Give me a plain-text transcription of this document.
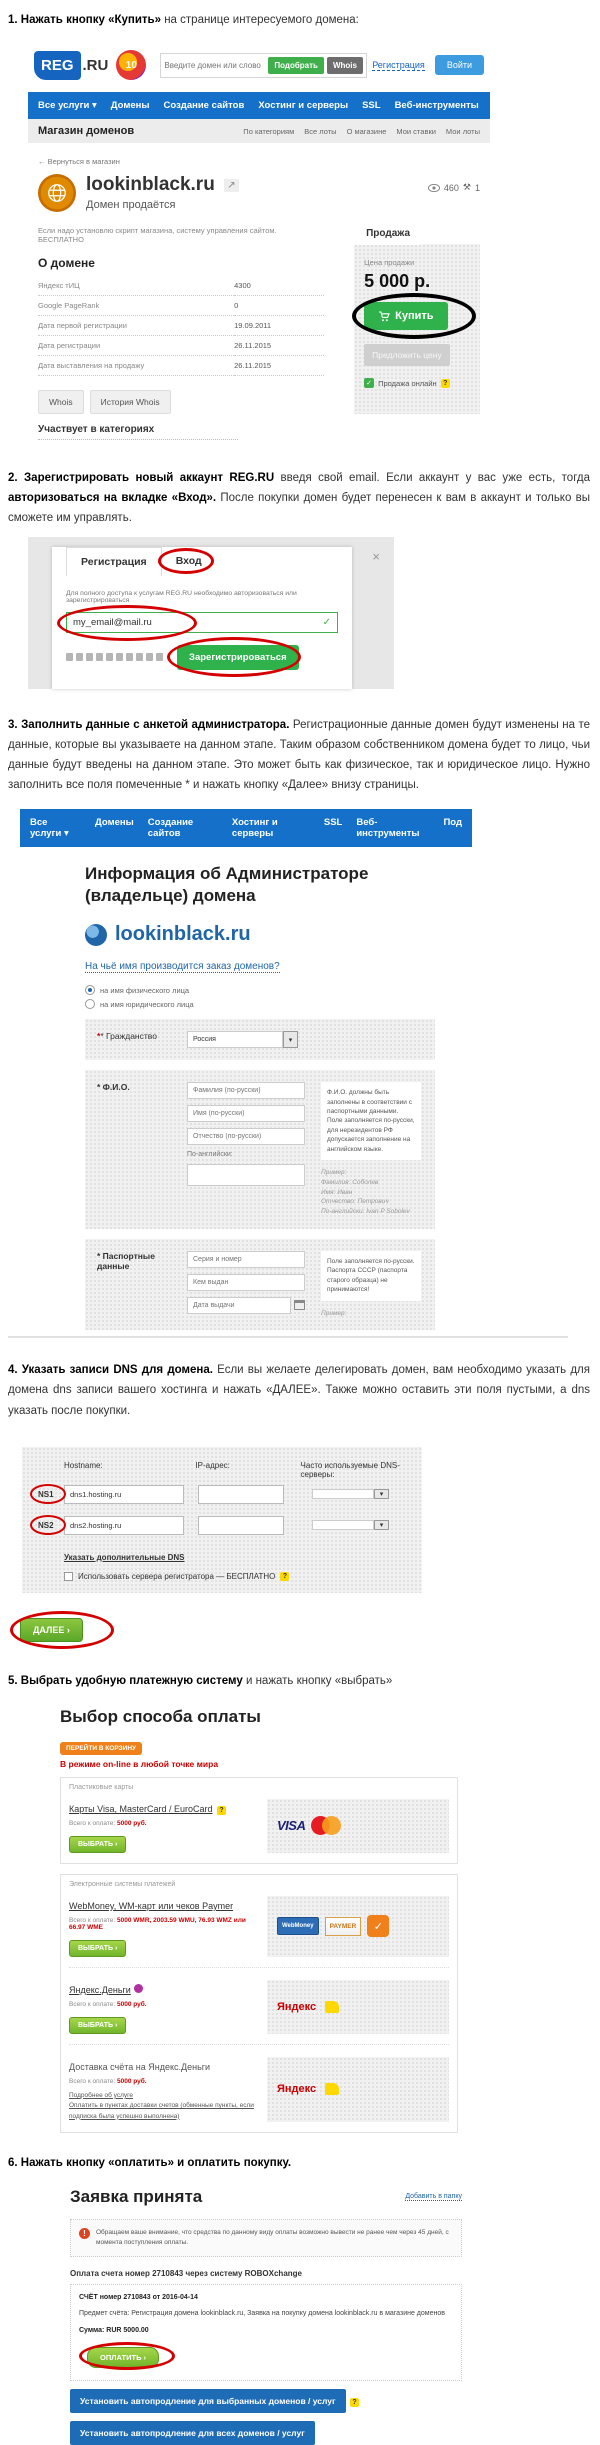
1. Нажать кнопку «Купить» на странице интересуемого домена:

REG .RU	10
Введите домен или слово	Подобрать	Whois	Регистрация	Войти
Все услуги ▾ Домены Создание сайтов Хостинг и серверы SSL Веб-инструменты Поддержка
Магазин доменов	По категориям Все лоты О магазине Мои ставки Мои лоты
← Вернуться в магазин
lookinblack.ru ↗
Домен продаётся
460 ⚒ 1
Если надо установлю скрипт магазина, систему управления сайтом. БЕСПЛАТНО
О домене
Яндекс тИЦ	4300
Google PageRank	0
Дата первой регистрации	19.09.2011
Дата регистрации	26.11.2015
Дата выставления на продажу	26.11.2015
Whois	История Whois
Участвует в категориях
Продажа
Цена продажи
5 000 р.
Купить
Предложить цену
✓ Продажа онлайн ?

2. Зарегистрировать новый аккаунт REG.RU введя свой email. Если аккаунт у вас уже есть, тогда авторизоваться на вкладке «Вход». После покупки домен будет перенесен к вам в аккаунт и только вы сможете им управлять.

×
Регистрация	Вход
Для полного доступа к услугам REG.RU необходимо авторизоваться или зарегистрироваться
my_email@mail.ru
✓
Зарегистрироваться

3. Заполнить данные с анкетой администратора. Регистрационные данные домен будут изменены на те данные, которые вы указываете на данном этапе. Таким образом собственником домена будет то лицо, чьи данные будут введены на данном этапе. Это может быть как физическое, так и юридическое лицо. Нужно заполнить все поля помеченные * и нажать кнопку «Далее» внизу страницы.

Все услуги ▾
Домены Создание сайтов
Хостинг и серверы
SSL Веб-инструменты
Под
Информация об Администраторе (владельце) домена
lookinblack.ru
На чьё имя производится заказ доменов?
на имя физического лица
на имя юридического лица
** Гражданство	Россия	▾
* Ф.И.О.
Фамилия (по-русски)
Имя (по-русски)
Отчество (по-русски)
По-английски:
Ф.И.О. должны быть заполнены в соответствии с паспортными данными. Поле заполняется по-русски, для нерезидентов РФ допускается заполнение на английском языке.
Пример:
Фамилия: Соболев
Имя: Иван
Отчество: Петрович
По-английски: Ivan P Sobolev
* Паспортные данные
Серия и номер
Кем выдан
Дата выдачи	Поле заполняется по-русски. Паспорта СССР (паспорта старого образца) не принимаются!
Пример:

4. Указать записи DNS для домена. Если вы желаете делегировать домен, вам необходимо указать для домена dns записи вашего хостинга и нажать «ДАЛЕЕ». Также можно оставить эти поля пустыми, а dns указать после покупки.

Hostname:	IP-адрес:	Часто используемые DNS-серверы:
NS1
dns1.hosting.ru	▾
NS2
dns2.hosting.ru	▾
Указать дополнительные DNS
Использовать сервера регистратора — БЕСПЛАТНО	?
ДАЛЕЕ ›

5. Выбрать удобную платежную систему и нажать кнопку «выбрать»

Выбор способа оплаты
ПЕРЕЙТИ В КОРЗИНУ
В режиме on-line в любой точке мира
Пластиковые карты
Карты Visa, MasterCard / EuroCard ?
Всего к оплате: 5000 руб.
ВЫБРАТЬ ›
VISA
Электронные системы платежей
WebMoney, WM-карт или чеков Paymer
Всего к оплате: 5000 WMR, 2003.59 WMU, 76.93 WMZ или 66.97 WME
ВЫБРАТЬ ›
WebMoney	PAYMER	✓
Яндекс.Деньги
Всего к оплате: 5000 руб.
ВЫБРАТЬ ›
Яндекс
Доставка счёта на Яндекс.Деньги
Всего к оплате: 5000 руб.
Подробнее об услуге
Оплатить в пунктах доставки счетов (обменные пункты, если подписка была успешно выполнена)
Яндекс

6. Нажать кнопку «оплатить» и оплатить покупку.

Заявка принята	Добавить в папку
!	Обращаем ваше внимание, что средства по данному виду оплаты возможно вывести не ранее чем через 45 дней, с момента поступления оплаты.
Оплата счета номер 2710843 через систему ROBOXchange

СЧЁТ номер 2710843 от 2016-04-14

Предмет счёта: Регистрация домена lookinblack.ru, Заявка на покупку домена lookinblack.ru в магазине доменов

Сумма: RUR 5000.00

ОПЛАТИТЬ ›
Установить автопродление для выбранных доменов / услуг ?
Установить автопродление для всех доменов / услуг
